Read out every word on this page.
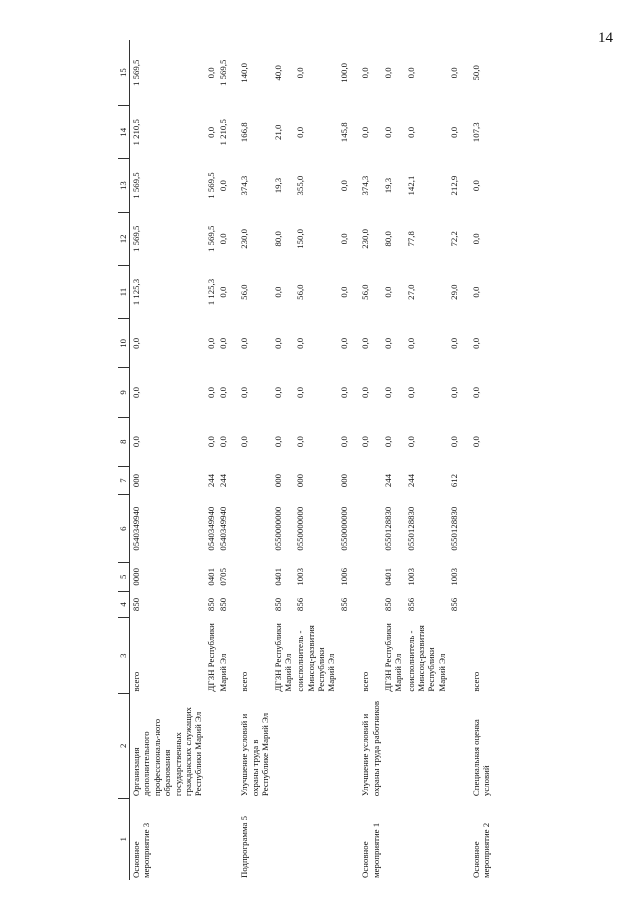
14
1	2	3	4	5	6	7	8	9	10	11	12	13	14	15
Основное мероприятие 3	Организация дополнительного профессиональ-ного образования государственных гражданских служащих Республики Марий Эл	всего	850	0000	0540349940	000	0,0	0,0	0,0	1 125,3	1 569,5	1 569,5	1 210,5	1 569,5
		ДГЗН Республики	850	0401	0540349940	244	0,0	0,0	0,0	1 125,3	1 569,5	1 569,5	0,0	0,0
		Марий Эл	850	0705	0540349940	244	0,0	0,0	0,0	0,0	0,0	0,0	1 210,5	1 569,5
Подпрограмма 5	Улучшение условий и охраны труда в Республике Марий Эл	всего					0,0	0,0	0,0	56,0	230,0	374,3	166,8	140,0
		ДГЗН Республики Марий Эл	850	0401	0550000000	000	0,0	0,0	0,0	0,0	80,0	19,3	21,0	40,0
		соисполнитель - Минсоц-развития Республики Марий Эл	856	1003	0550000000	000	0,0	0,0	0,0	56,0	150,0	355,0	0,0	0,0
			856	1006	0550000000	000	0,0	0,0	0,0	0,0	0,0	0,0	145,8	100,0
Основное мероприятие 1	Улучшение условий и охраны труда работников	всего					0,0	0,0	0,0	56,0	230,0	374,3	0,0	0,0
		ДГЗН Республики Марий Эл	850	0401	0550128830	244	0,0	0,0	0,0	0,0	80,0	19,3	0,0	0,0
		соисполнитель - Минсоц-развития Республики Марий Эл	856	1003	0550128830	244	0,0	0,0	0,0	27,0	77,8	142,1	0,0	0,0
			856	1003	0550128830	612	0,0	0,0	0,0	29,0	72,2	212,9	0,0	0,0
Основное мероприятие 2	Специальная оценка условий	всего					0,0	0,0	0,0	0,0	0,0	0,0	107,3	50,0
